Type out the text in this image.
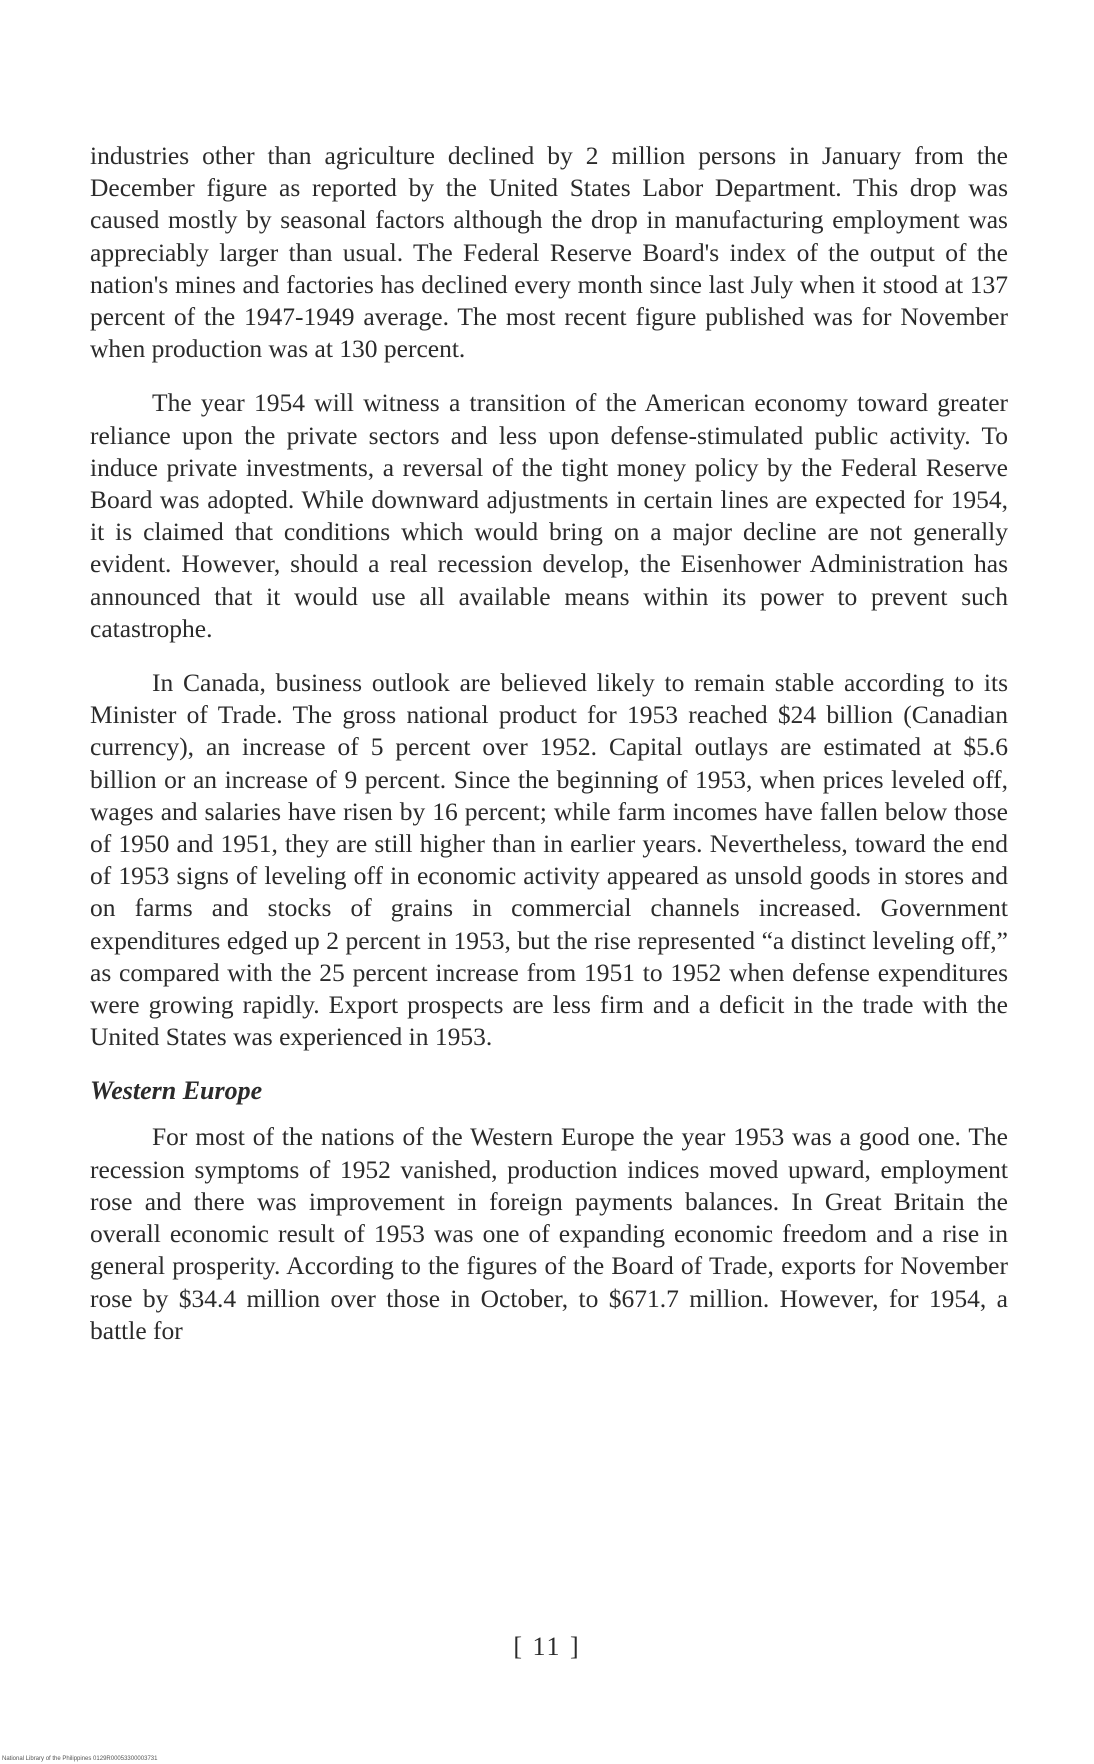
industries other than agriculture declined by 2 million persons in January from the December figure as reported by the United States Labor Department. This drop was caused mostly by seasonal factors although the drop in manufacturing employment was appreciably larger than usual. The Federal Reserve Board's index of the output of the nation's mines and factories has declined every month since last July when it stood at 137 percent of the 1947-1949 average. The most recent figure published was for November when production was at 130 percent.

The year 1954 will witness a transition of the American economy toward greater reliance upon the private sectors and less upon defense-stimulated public activity. To induce private investments, a reversal of the tight money policy by the Federal Reserve Board was adopted. While downward adjustments in certain lines are expected for 1954, it is claimed that conditions which would bring on a major decline are not generally evident. However, should a real recession develop, the Eisenhower Administration has announced that it would use all available means within its power to prevent such catastrophe.

In Canada, business outlook are believed likely to remain stable according to its Minister of Trade. The gross national product for 1953 reached $24 billion (Canadian currency), an increase of 5 percent over 1952. Capital outlays are estimated at $5.6 billion or an increase of 9 percent. Since the beginning of 1953, when prices leveled off, wages and salaries have risen by 16 percent; while farm incomes have fallen below those of 1950 and 1951, they are still higher than in earlier years. Nevertheless, toward the end of 1953 signs of leveling off in economic activity appeared as unsold goods in stores and on farms and stocks of grains in commercial channels increased. Government expenditures edged up 2 percent in 1953, but the rise represented “a distinct leveling off,” as compared with the 25 percent increase from 1951 to 1952 when defense expenditures were growing rapidly. Export prospects are less firm and a deficit in the trade with the United States was experienced in 1953.

Western Europe

For most of the nations of the Western Europe the year 1953 was a good one. The recession symptoms of 1952 vanished, production indices moved upward, employment rose and there was improvement in foreign payments balances. In Great Britain the overall economic result of 1953 was one of expanding economic freedom and a rise in general prosperity. According to the figures of the Board of Trade, exports for November rose by $34.4 million over those in October, to $671.7 million. However, for 1954, a battle for

[ 11 ]
National Library of the Philippines 0129R00053300003731
